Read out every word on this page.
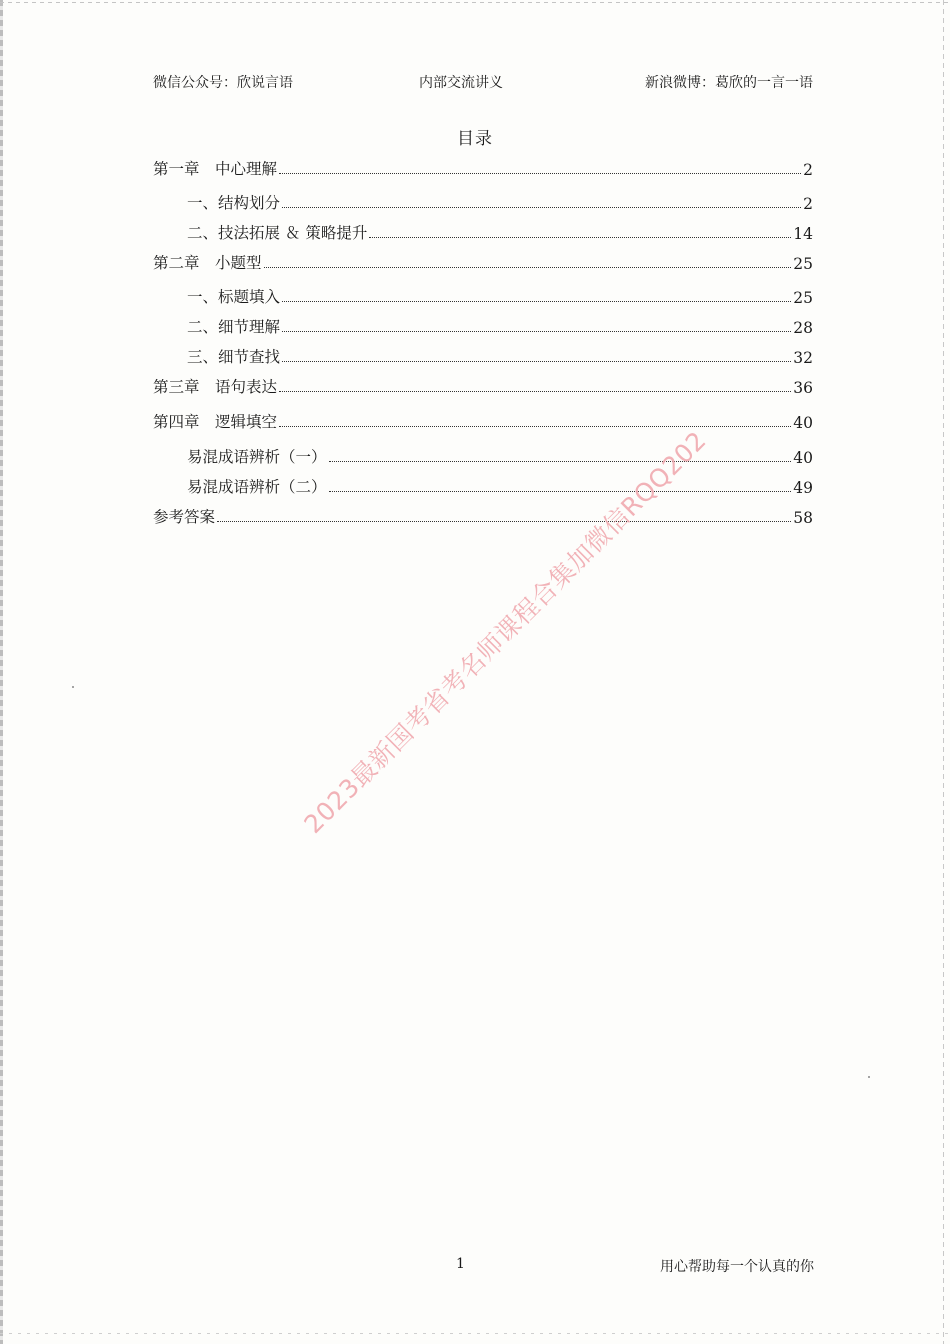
微信公众号：欣说言语	内部交流讲义	新浪微博：葛欣的一言一语
目录
第一章　中心理解	2
一、结构划分	2
二、技法拓展 ＆ 策略提升	14
第二章　小题型	25
一、标题填入	25
二、细节理解	28
三、细节查找	32
第三章　语句表达	36
第四章　逻辑填空	40
易混成语辨析（一）	40
易混成语辨析（二）	49
参考答案	58
2023最新国考省考名师课程合集加微信RQQ202
1	用心帮助每一个认真的你
